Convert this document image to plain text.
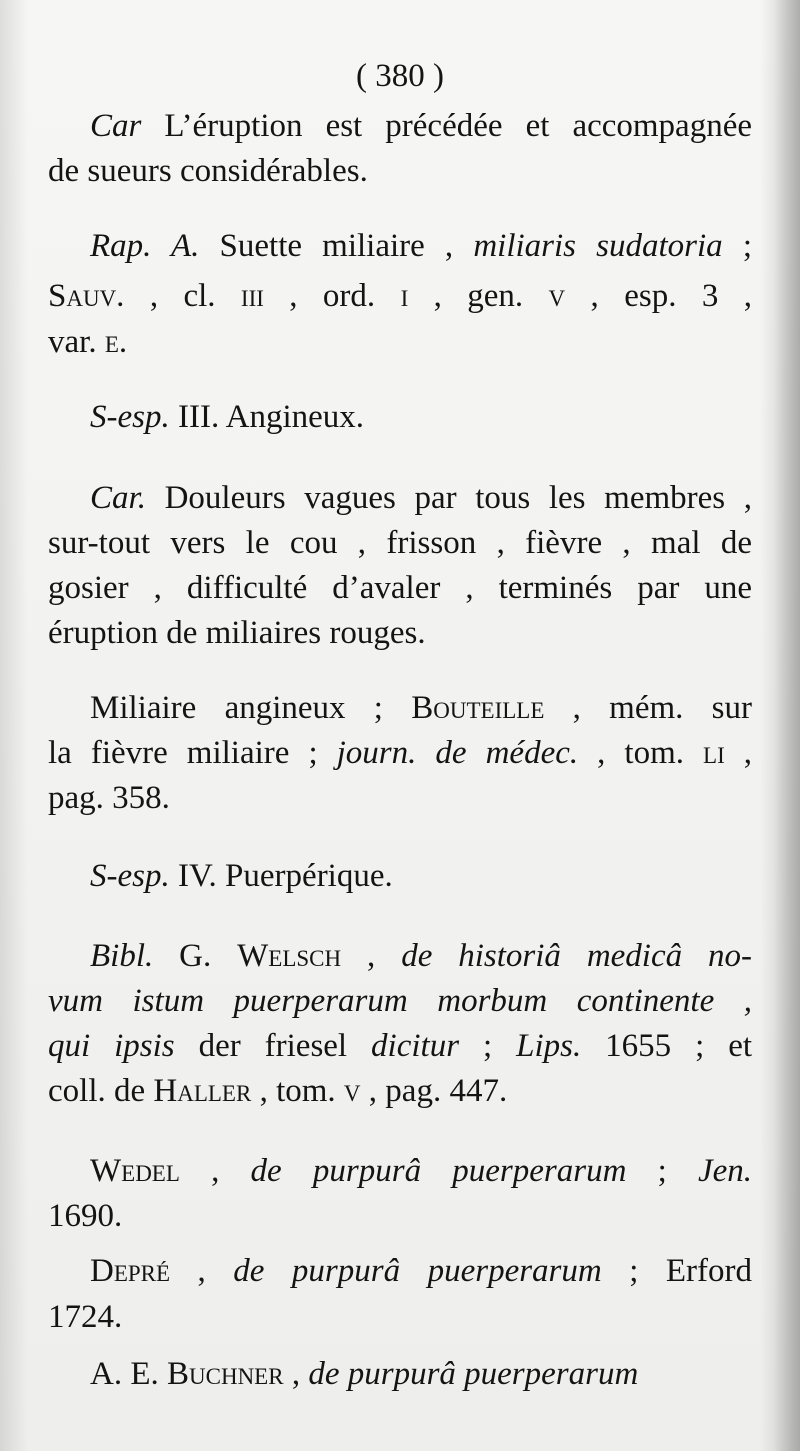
( 380 )
Car L’éruption est précédée et accompagnée
de sueurs considérables.
Rap. A. Suette miliaire , miliaris sudatoria ;
Sauv. , cl. iii , ord. i , gen. v , esp. 3 ,
var. e.
S-esp. III. Angineux.
Car. Douleurs vagues par tous les membres ,
sur-tout vers le cou , frisson , fièvre , mal de
gosier , difficulté d’avaler , terminés par une
éruption de miliaires rouges.
Miliaire angineux ; Bouteille , mém. sur
la fièvre miliaire ; journ. de médec. , tom. li ,
pag. 358.
S-esp. IV. Puerpérique.
Bibl. G. Welsch , de historiâ medicâ no-
vum istum puerperarum morbum continente ,
qui ipsis der friesel dicitur ; Lips. 1655 ; et
coll. de Haller , tom. v , pag. 447.
Wedel , de purpurâ puerperarum ; Jen.
1690.
Depré , de purpurâ puerperarum ; Erford
1724.
A. E. Buchner , de purpurâ puerperarum
